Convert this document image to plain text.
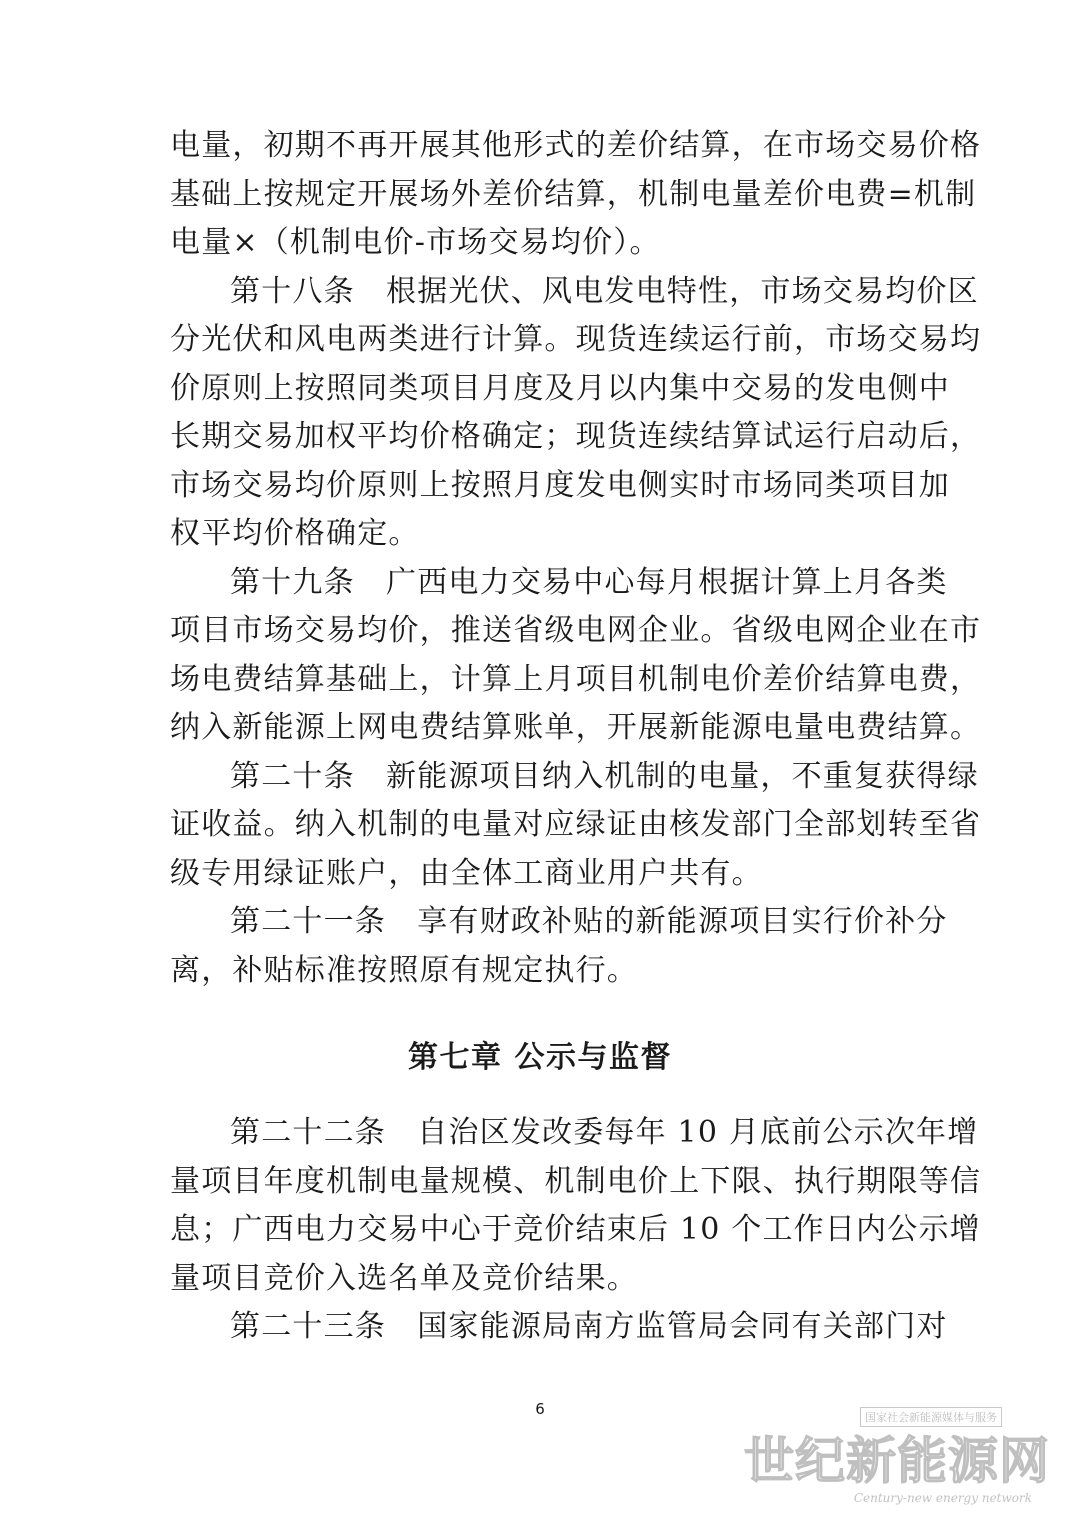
电量，初期不再开展其他形式的差价结算，在市场交易价格
基础上按规定开展场外差价结算，机制电量差价电费=机制
电量×（机制电价-市场交易均价）。
第十八条　根据光伏、风电发电特性，市场交易均价区
分光伏和风电两类进行计算。现货连续运行前，市场交易均
价原则上按照同类项目月度及月以内集中交易的发电侧中
长期交易加权平均价格确定；现货连续结算试运行启动后，
市场交易均价原则上按照月度发电侧实时市场同类项目加
权平均价格确定。
第十九条　广西电力交易中心每月根据计算上月各类
项目市场交易均价，推送省级电网企业。省级电网企业在市
场电费结算基础上，计算上月项目机制电价差价结算电费，
纳入新能源上网电费结算账单，开展新能源电量电费结算。
第二十条　新能源项目纳入机制的电量，不重复获得绿
证收益。纳入机制的电量对应绿证由核发部门全部划转至省
级专用绿证账户，由全体工商业用户共有。
第二十一条　享有财政补贴的新能源项目实行价补分
离，补贴标准按照原有规定执行。
第七章 公示与监督
第二十二条　自治区发改委每年 10 月底前公示次年增
量项目年度机制电量规模、机制电价上下限、执行期限等信
息；广西电力交易中心于竞价结束后 10 个工作日内公示增
量项目竞价入选名单及竞价结果。
第二十三条　国家能源局南方监管局会同有关部门对
6	国家社会新能源媒体与服务
世纪新能源网
Century-new energy network
